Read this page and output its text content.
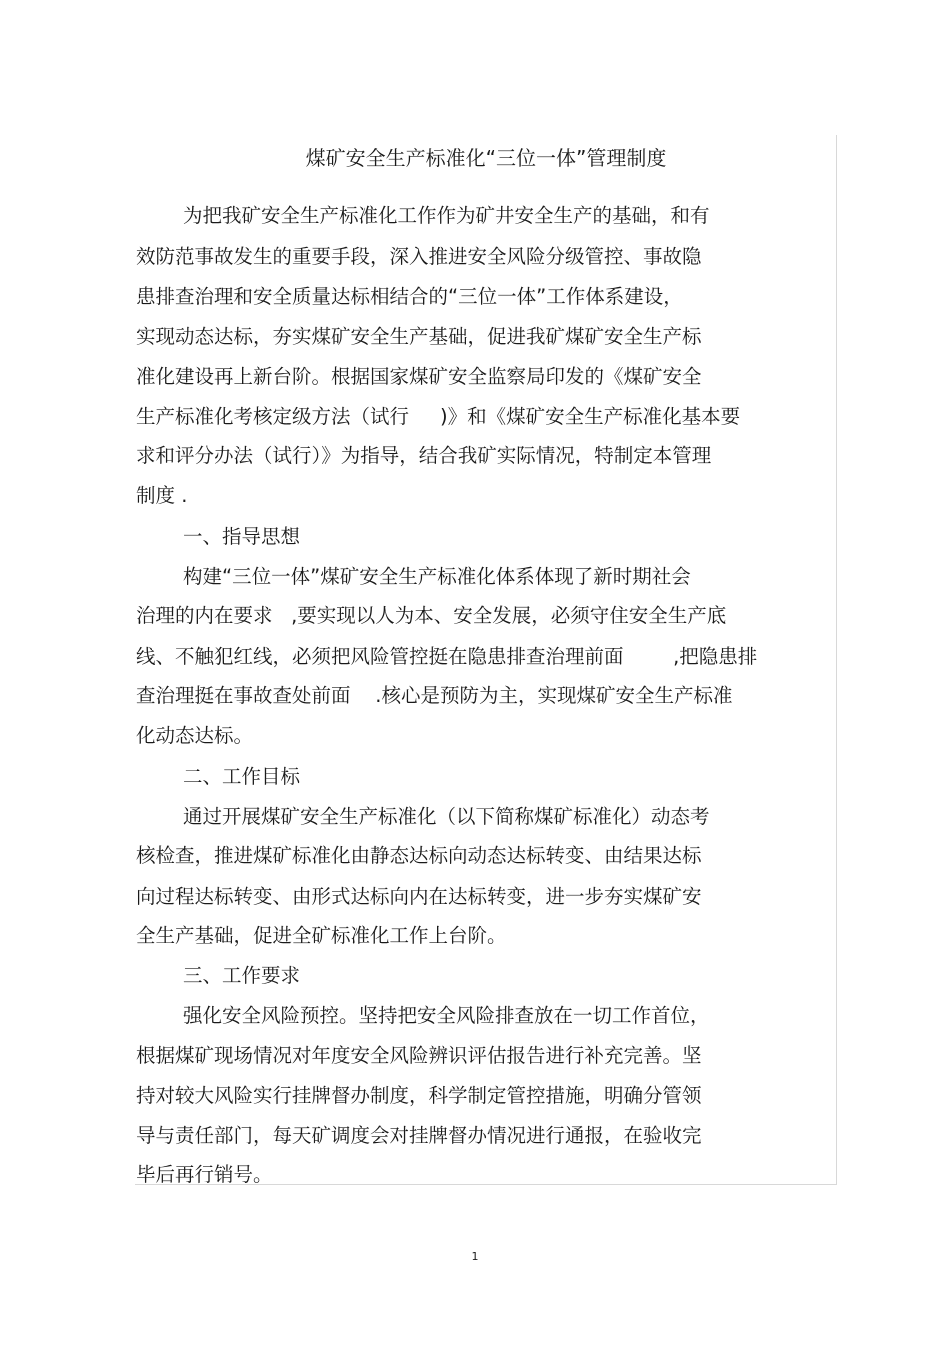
煤矿安全生产标准化“三位一体”管理制度

为把我矿安全生产标准化工作作为矿井安全生产的基础，和有

效防范事故发生的重要手段，深入推进安全风险分级管控、事故隐

患排查治理和安全质量达标相结合的“三位一体”工作体系建设，

实现动态达标，夯实煤矿安全生产基础，促进我矿煤矿安全生产标

准化建设再上新台阶。根据国家煤矿安全监察局印发的《煤矿安全

生产标准化考核定级方法（试行     )》和《煤矿安全生产标准化基本要

求和评分办法（试行）》为指导，结合我矿实际情况，特制定本管理

制度 .

一、指导思想

构建“三位一体”煤矿安全生产标准化体系体现了新时期社会

治理的内在要求   ,要实现以人为本、安全发展，必须守住安全生产底

线、不触犯红线，必须把风险管控挺在隐患排查治理前面        ,把隐患排

查治理挺在事故查处前面    .核心是预防为主，实现煤矿安全生产标准

化动态达标。

二、工作目标

通过开展煤矿安全生产标准化（以下简称煤矿标准化）动态考

核检查，推进煤矿标准化由静态达标向动态达标转变、由结果达标

向过程达标转变、由形式达标向内在达标转变，进一步夯实煤矿安

全生产基础，促进全矿标准化工作上台阶。

三、工作要求

强化安全风险预控。坚持把安全风险排查放在一切工作首位，

根据煤矿现场情况对年度安全风险辨识评估报告进行补充完善。坚

持对较大风险实行挂牌督办制度，科学制定管控措施，明确分管领

导与责任部门，每天矿调度会对挂牌督办情况进行通报，在验收完

毕后再行销号。

1
